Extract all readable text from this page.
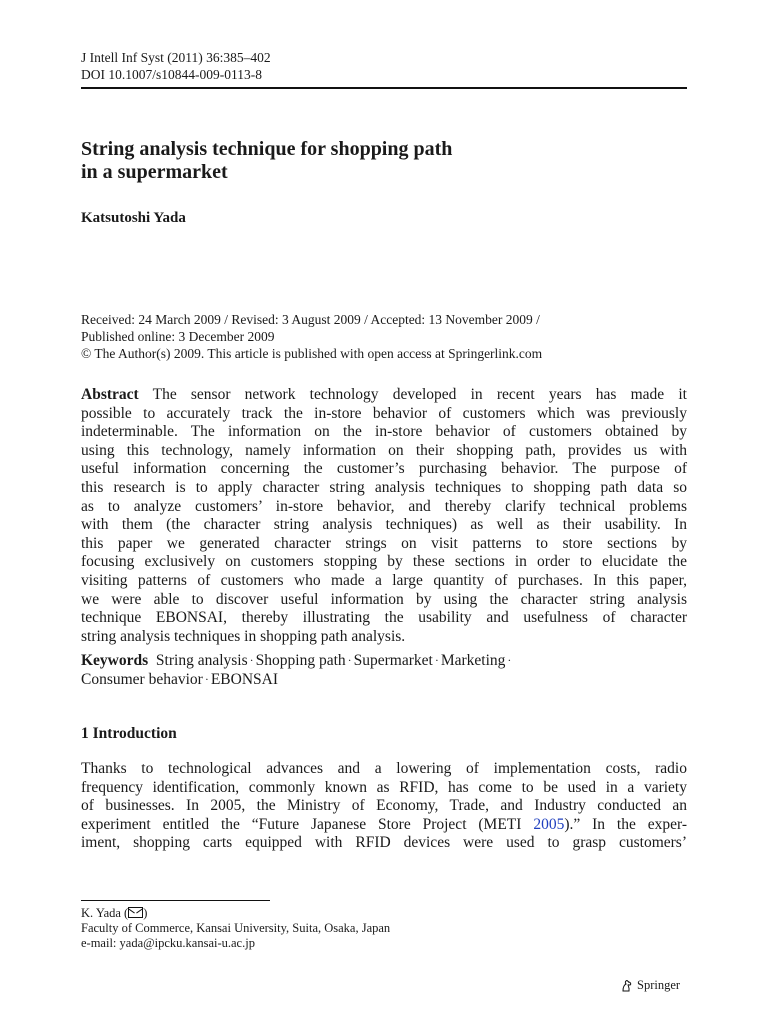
J Intell Inf Syst (2011) 36:385–402
DOI 10.1007/s10844-009-0113-8
String analysis technique for shopping path
in a supermarket
Katsutoshi Yada
Received: 24 March 2009 / Revised: 3 August 2009 / Accepted: 13 November 2009 /
Published online: 3 December 2009
© The Author(s) 2009. This article is published with open access at Springerlink.com
Abstract The sensor network technology developed in recent years has made it
possible to accurately track the in-store behavior of customers which was previously
indeterminable. The information on the in-store behavior of customers obtained by
using this technology, namely information on their shopping path, provides us with
useful information concerning the customer’s purchasing behavior. The purpose of
this research is to apply character string analysis techniques to shopping path data so
as to analyze customers’ in-store behavior, and thereby clarify technical problems
with them (the character string analysis techniques) as well as their usability. In
this paper we generated character strings on visit patterns to store sections by
focusing exclusively on customers stopping by these sections in order to elucidate the
visiting patterns of customers who made a large quantity of purchases. In this paper,
we were able to discover useful information by using the character string analysis
technique EBONSAI, thereby illustrating the usability and usefulness of character
string analysis techniques in shopping path analysis.
Keywords String analysis · Shopping path · Supermarket · Marketing ·
Consumer behavior · EBONSAI
1 Introduction
Thanks to technological advances and a lowering of implementation costs, radio
frequency identification, commonly known as RFID, has come to be used in a variety
of businesses. In 2005, the Ministry of Economy, Trade, and Industry conducted an
experiment entitled the “Future Japanese Store Project (METI 2005).” In the exper-
iment, shopping carts equipped with RFID devices were used to grasp customers’
K. Yada ( )
Faculty of Commerce, Kansai University, Suita, Osaka, Japan
e-mail: yada@ipcku.kansai-u.ac.jp
Springer
